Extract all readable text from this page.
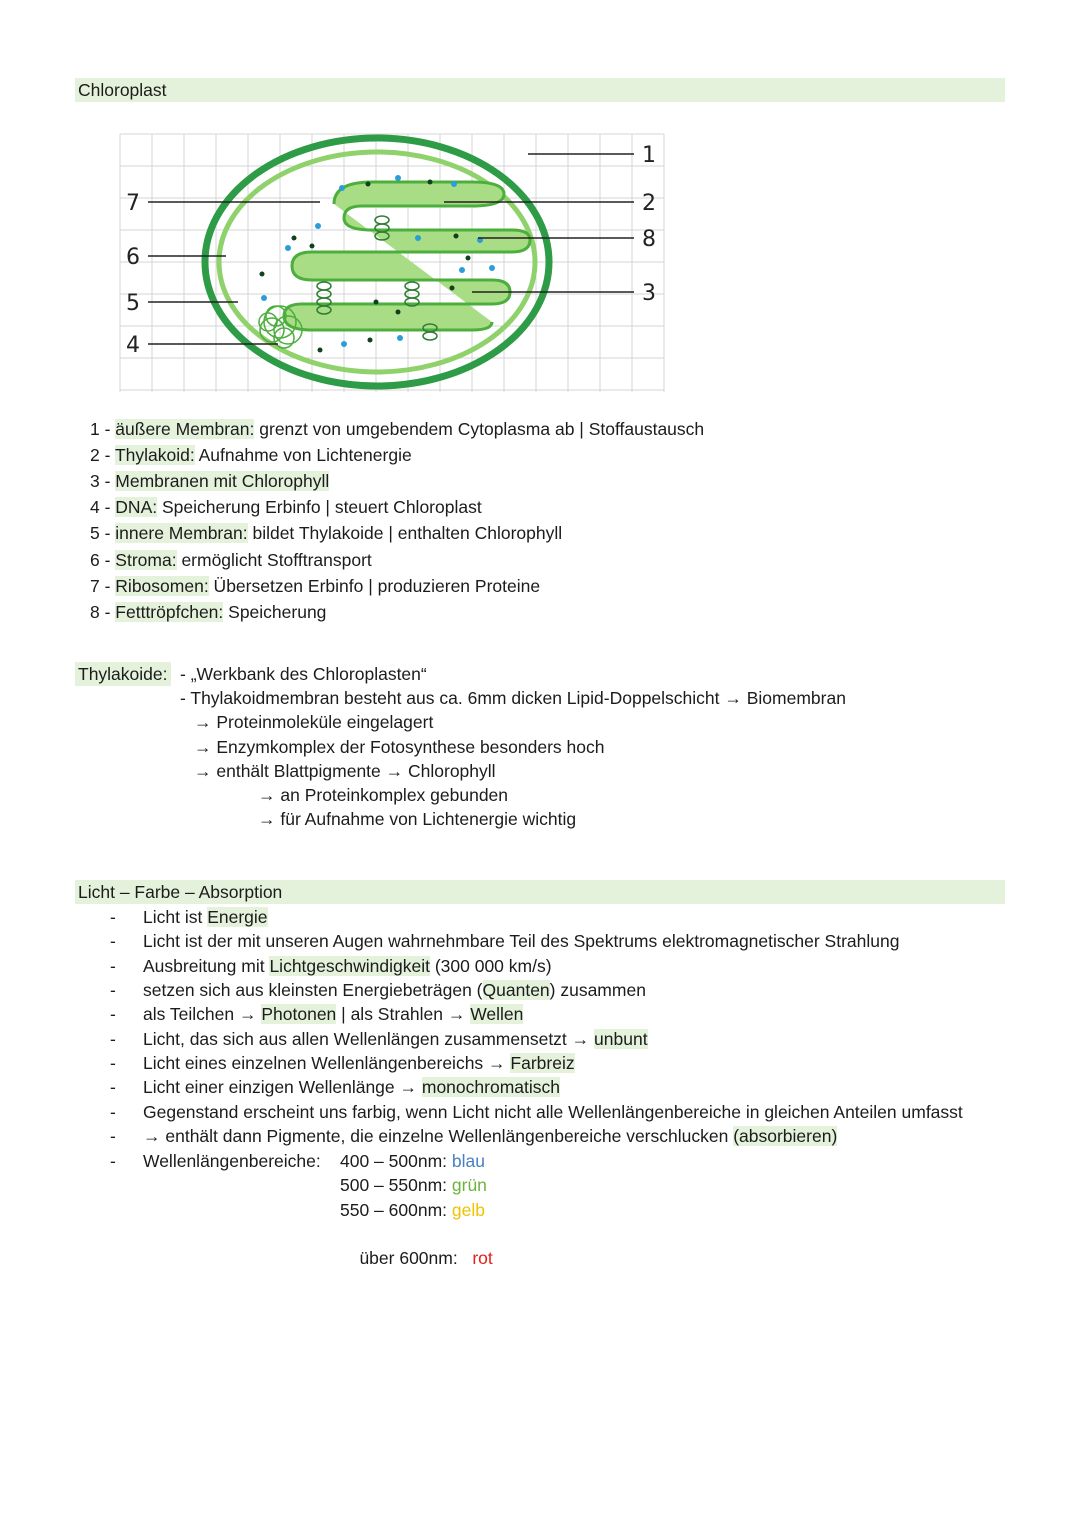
Chloroplast
1
2
8
3
7
6
5
4
1 - äußere Membran: grenzt von umgebendem Cytoplasma ab | Stoffaustausch
2 - Thylakoid: Aufnahme von Lichtenergie
3 - Membranen mit Chlorophyll
4 - DNA: Speicherung Erbinfo | steuert Chloroplast
5 - innere Membran: bildet Thylakoide | enthalten Chlorophyll
6 - Stroma: ermöglicht Stofftransport
7 - Ribosomen: Übersetzen Erbinfo | produzieren Proteine
8 - Fetttröpfchen: Speicherung
Thylakoide: - „Werkbank des Chloroplasten“
- Thylakoidmembran besteht aus ca. 6mm dicken Lipid-Doppelschicht → Biomembran
→ Proteinmoleküle eingelagert
→ Enzymkomplex der Fotosynthese besonders hoch
→ enthält Blattpigmente → Chlorophyll
→ an Proteinkomplex gebunden
→ für Aufnahme von Lichtenergie wichtig
Licht – Farbe – Absorption
- Licht ist Energie
- Licht ist der mit unseren Augen wahrnehmbare Teil des Spektrums elektromagnetischer Strahlung
- Ausbreitung mit Lichtgeschwindigkeit (300 000 km/s)
- setzen sich aus kleinsten Energiebeträgen (Quanten) zusammen
- als Teilchen → Photonen | als Strahlen → Wellen
- Licht, das sich aus allen Wellenlängen zusammensetzt → unbunt
- Licht eines einzelnen Wellenlängenbereichs → Farbreiz
- Licht einer einzigen Wellenlänge → monochromatisch
- Gegenstand erscheint uns farbig, wenn Licht nicht alle Wellenlängenbereiche in gleichen Anteilen umfasst
- → enthält dann Pigmente, die einzelne Wellenlängenbereiche verschlucken (absorbieren)
- Wellenlängenbereiche: 400 – 500nm: blau
500 – 550nm: grün
550 – 600nm: gelb

über 600nm:   rot
